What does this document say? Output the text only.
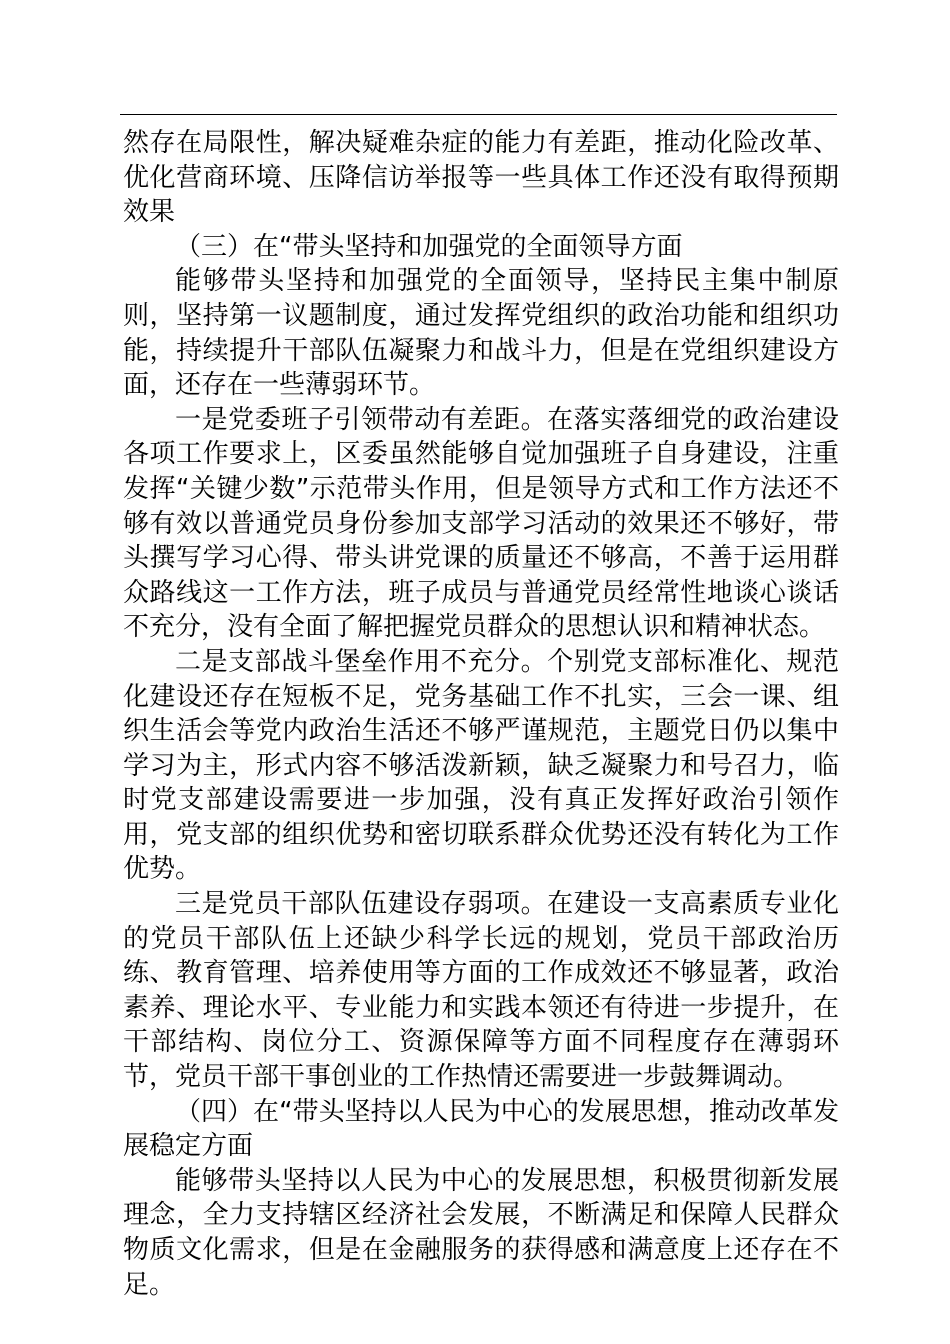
然存在局限性，解决疑难杂症的能力有差距，推动化险改革、优化营商环境、压降信访举报等一些具体工作还没有取得预期效果

（三）在“带头坚持和加强党的全面领导方面

能够带头坚持和加强党的全面领导，坚持民主集中制原则，坚持第一议题制度，通过发挥党组织的政治功能和组织功能，持续提升干部队伍凝聚力和战斗力，但是在党组织建设方面，还存在一些薄弱环节。

一是党委班子引领带动有差距。在落实落细党的政治建设各项工作要求上，区委虽然能够自觉加强班子自身建设，注重发挥“关键少数”示范带头作用，但是领导方式和工作方法还不够有效以普通党员身份参加支部学习活动的效果还不够好，带头撰写学习心得、带头讲党课的质量还不够高，不善于运用群众路线这一工作方法，班子成员与普通党员经常性地谈心谈话不充分，没有全面了解把握党员群众的思想认识和精神状态。

二是支部战斗堡垒作用不充分。个别党支部标准化、规范化建设还存在短板不足，党务基础工作不扎实，三会一课、组织生活会等党内政治生活还不够严谨规范，主题党日仍以集中学习为主，形式内容不够活泼新颖，缺乏凝聚力和号召力，临时党支部建设需要进一步加强，没有真正发挥好政治引领作用，党支部的组织优势和密切联系群众优势还没有转化为工作优势。

三是党员干部队伍建设存弱项。在建设一支高素质专业化的党员干部队伍上还缺少科学长远的规划，党员干部政治历练、教育管理、培养使用等方面的工作成效还不够显著，政治素养、理论水平、专业能力和实践本领还有待进一步提升，在干部结构、岗位分工、资源保障等方面不同程度存在薄弱环节，党员干部干事创业的工作热情还需要进一步鼓舞调动。

（四）在“带头坚持以人民为中心的发展思想，推动改革发展稳定方面

能够带头坚持以人民为中心的发展思想，积极贯彻新发展理念，全力支持辖区经济社会发展，不断满足和保障人民群众物质文化需求，但是在金融服务的获得感和满意度上还存在不足。
